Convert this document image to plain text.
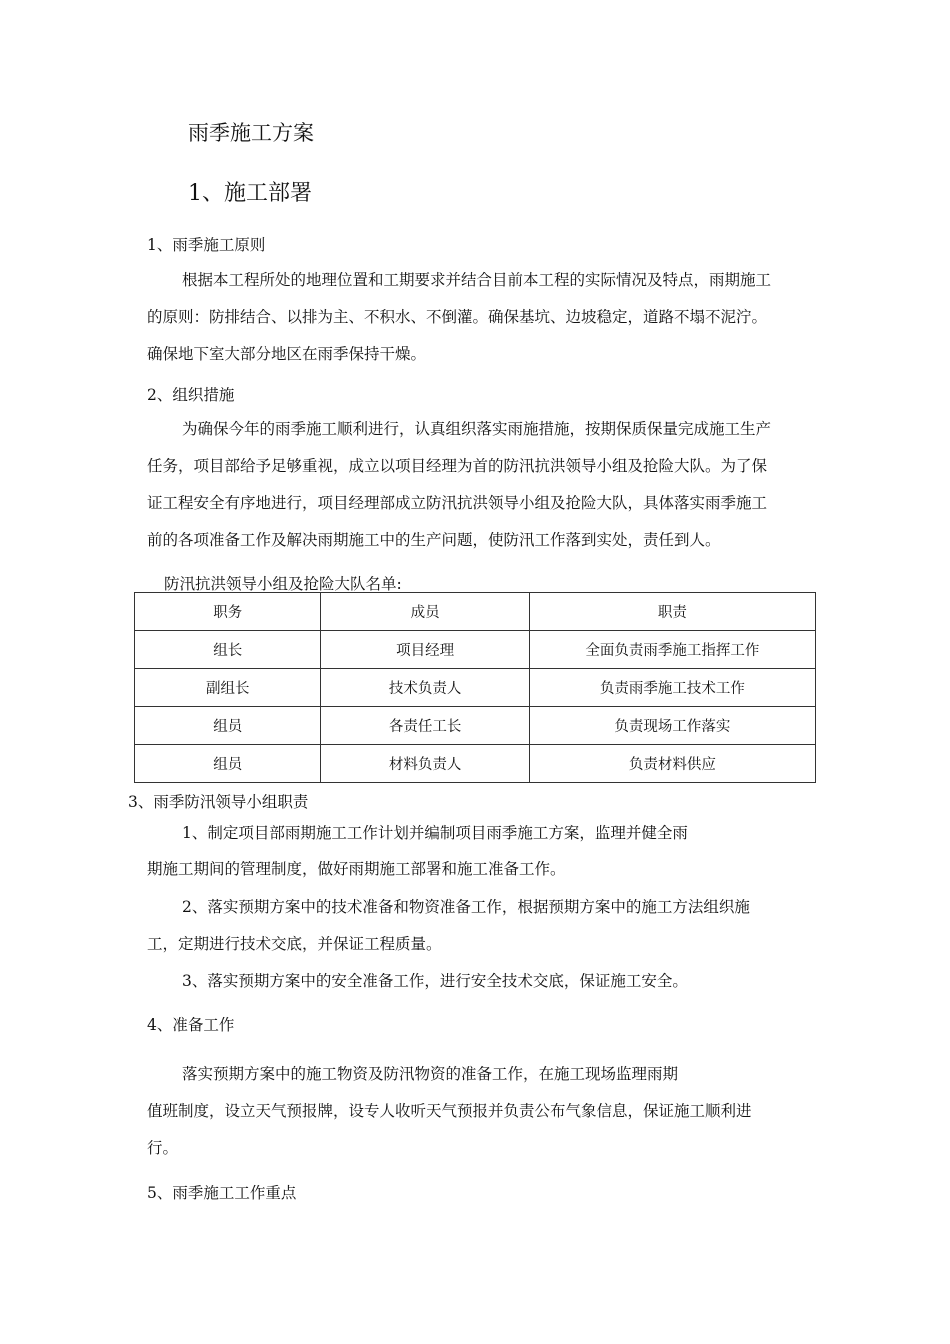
雨季施工方案
1、施工部署
1、雨季施工原则
根据本工程所处的地理位置和工期要求并结合目前本工程的实际情况及特点，雨期施工
的原则：防排结合、以排为主、不积水、不倒灌。确保基坑、边坡稳定，道路不塌不泥泞。
确保地下室大部分地区在雨季保持干燥。
2、组织措施
为确保今年的雨季施工顺利进行，认真组织落实雨施措施，按期保质保量完成施工生产
任务，项目部给予足够重视，成立以项目经理为首的防汛抗洪领导小组及抢险大队。为了保
证工程安全有序地进行，项目经理部成立防汛抗洪领导小组及抢险大队，具体落实雨季施工
前的各项准备工作及解决雨期施工中的生产问题，使防汛工作落到实处，责任到人。
防汛抗洪领导小组及抢险大队名单:
职务	成员	职责
组长	项目经理	全面负责雨季施工指挥工作
副组长	技术负责人	负责雨季施工技术工作
组员	各责任工长	负责现场工作落实
组员	材料负责人	负责材料供应
3、雨季防汛领导小组职责
1、制定项目部雨期施工工作计划并编制项目雨季施工方案，监理并健全雨
期施工期间的管理制度，做好雨期施工部署和施工准备工作。
2、落实预期方案中的技术准备和物资准备工作，根据预期方案中的施工方法组织施
工，定期进行技术交底，并保证工程质量。
3、落实预期方案中的安全准备工作，进行安全技术交底，保证施工安全。
4、准备工作
落实预期方案中的施工物资及防汛物资的准备工作，在施工现场监理雨期
值班制度，设立天气预报牌，设专人收听天气预报并负责公布气象信息，保证施工顺利进
行。
5、雨季施工工作重点
